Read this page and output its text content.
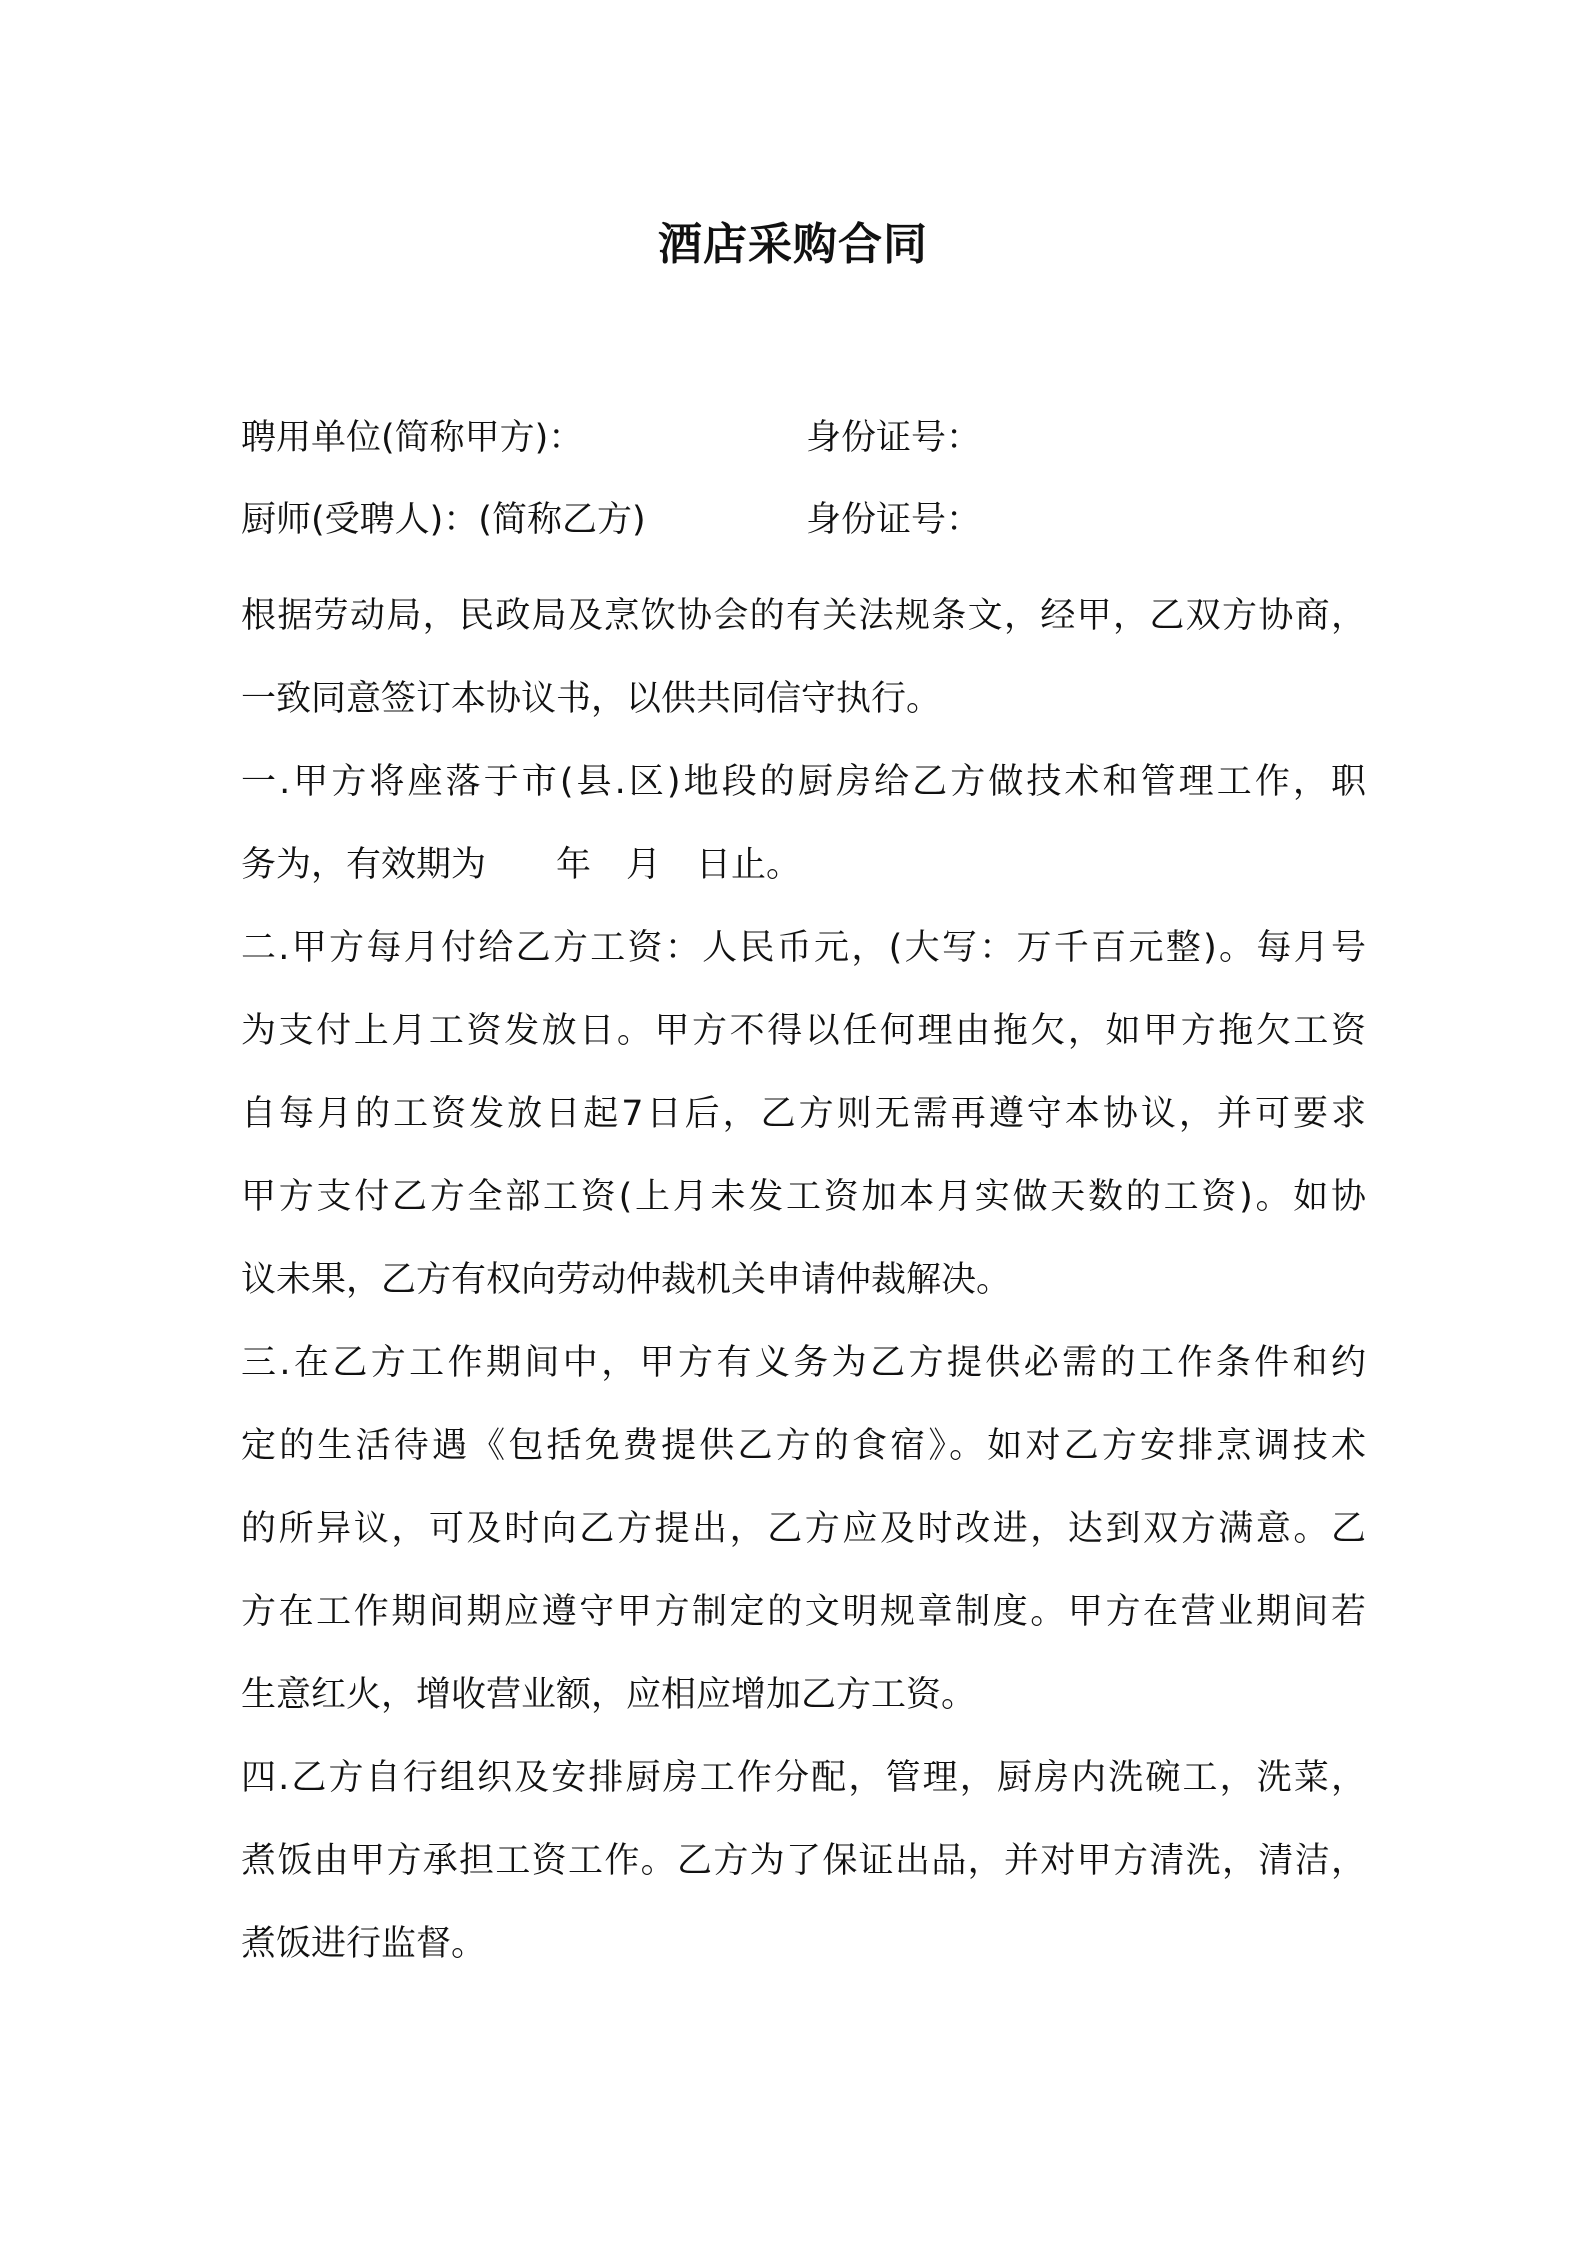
酒店采购合同
聘用单位(简称甲方)：	身份证号：
厨师(受聘人)：(简称乙方)	身份证号：
根据劳动局，民政局及烹饮协会的有关法规条文，经甲，乙双方协商，
一致同意签订本协议书，以供共同信守执行。
一.甲方将座落于市(县.区)地段的厨房给乙方做技术和管理工作，职
务为，有效期为　　年　月　日止。
二.甲方每月付给乙方工资：人民币元，(大写：万千百元整)。每月号
为支付上月工资发放日。甲方不得以任何理由拖欠，如甲方拖欠工资
自每月的工资发放日起7日后，乙方则无需再遵守本协议，并可要求
甲方支付乙方全部工资(上月未发工资加本月实做天数的工资)。如协
议未果，乙方有权向劳动仲裁机关申请仲裁解决。
三.在乙方工作期间中，甲方有义务为乙方提供必需的工作条件和约
定的生活待遇《包括免费提供乙方的食宿》。如对乙方安排烹调技术
的所异议，可及时向乙方提出，乙方应及时改进，达到双方满意。乙
方在工作期间期应遵守甲方制定的文明规章制度。甲方在营业期间若
生意红火，增收营业额，应相应增加乙方工资。
四.乙方自行组织及安排厨房工作分配，管理，厨房内洗碗工，洗菜，
煮饭由甲方承担工资工作。乙方为了保证出品，并对甲方清洗，清洁，
煮饭进行监督。
